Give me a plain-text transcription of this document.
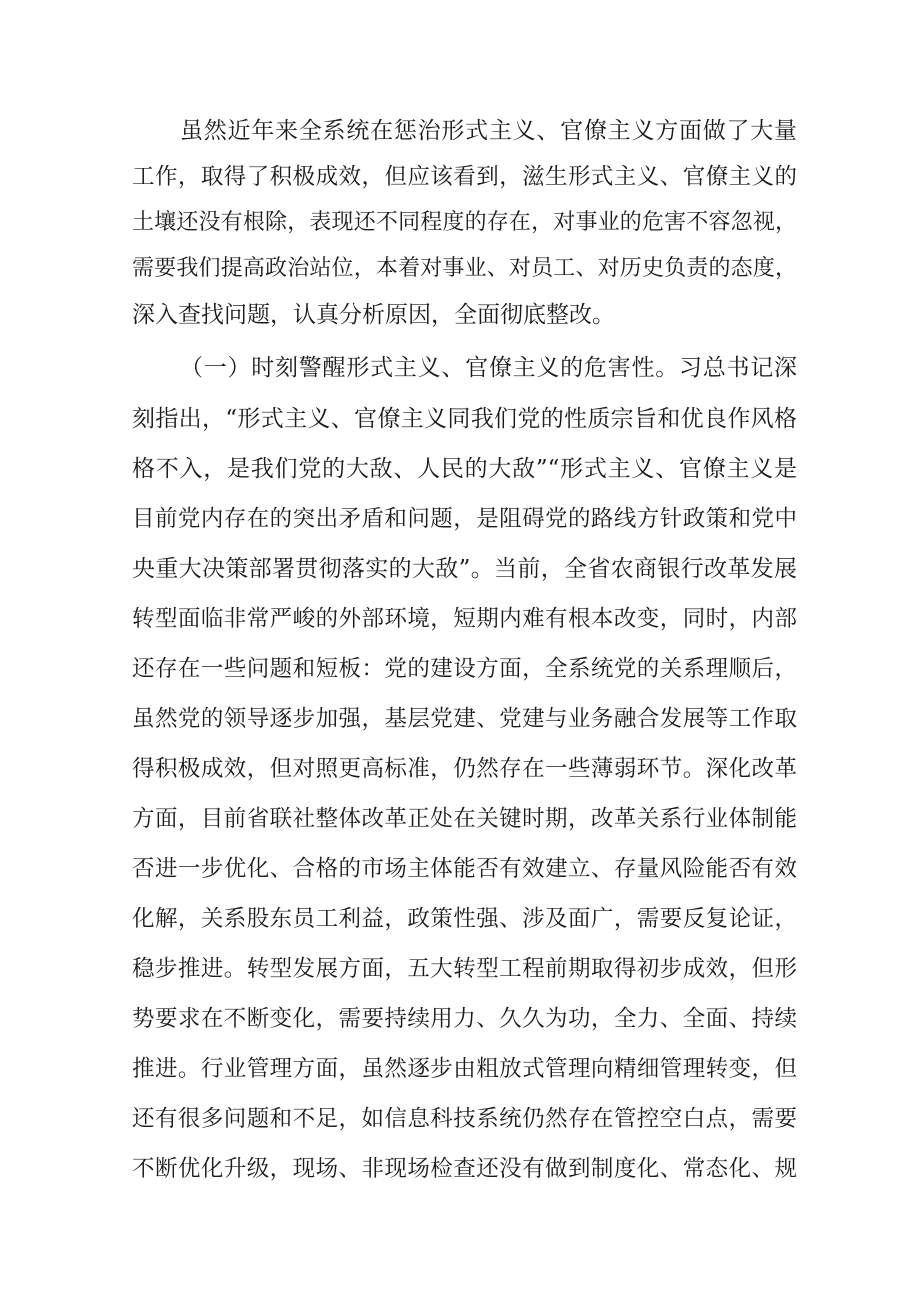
虽然近年来全系统在惩治形式主义、官僚主义方面做了大量
工作，取得了积极成效，但应该看到，滋生形式主义、官僚主义的
土壤还没有根除，表现还不同程度的存在，对事业的危害不容忽视，
需要我们提高政治站位，本着对事业、对员工、对历史负责的态度，
深入查找问题，认真分析原因，全面彻底整改。
（一）时刻警醒形式主义、官僚主义的危害性。习总书记深
刻指出，“形式主义、官僚主义同我们党的性质宗旨和优良作风格
格不入，是我们党的大敌、人民的大敌”“形式主义、官僚主义是
目前党内存在的突出矛盾和问题，是阻碍党的路线方针政策和党中
央重大决策部署贯彻落实的大敌”。当前，全省农商银行改革发展
转型面临非常严峻的外部环境，短期内难有根本改变，同时，内部
还存在一些问题和短板：党的建设方面，全系统党的关系理顺后，
虽然党的领导逐步加强，基层党建、党建与业务融合发展等工作取
得积极成效，但对照更高标准，仍然存在一些薄弱环节。深化改革
方面，目前省联社整体改革正处在关键时期，改革关系行业体制能
否进一步优化、合格的市场主体能否有效建立、存量风险能否有效
化解，关系股东员工利益，政策性强、涉及面广，需要反复论证，
稳步推进。转型发展方面，五大转型工程前期取得初步成效，但形
势要求在不断变化，需要持续用力、久久为功，全力、全面、持续
推进。行业管理方面，虽然逐步由粗放式管理向精细管理转变，但
还有很多问题和不足，如信息科技系统仍然存在管控空白点，需要
不断优化升级，现场、非现场检查还没有做到制度化、常态化、规
